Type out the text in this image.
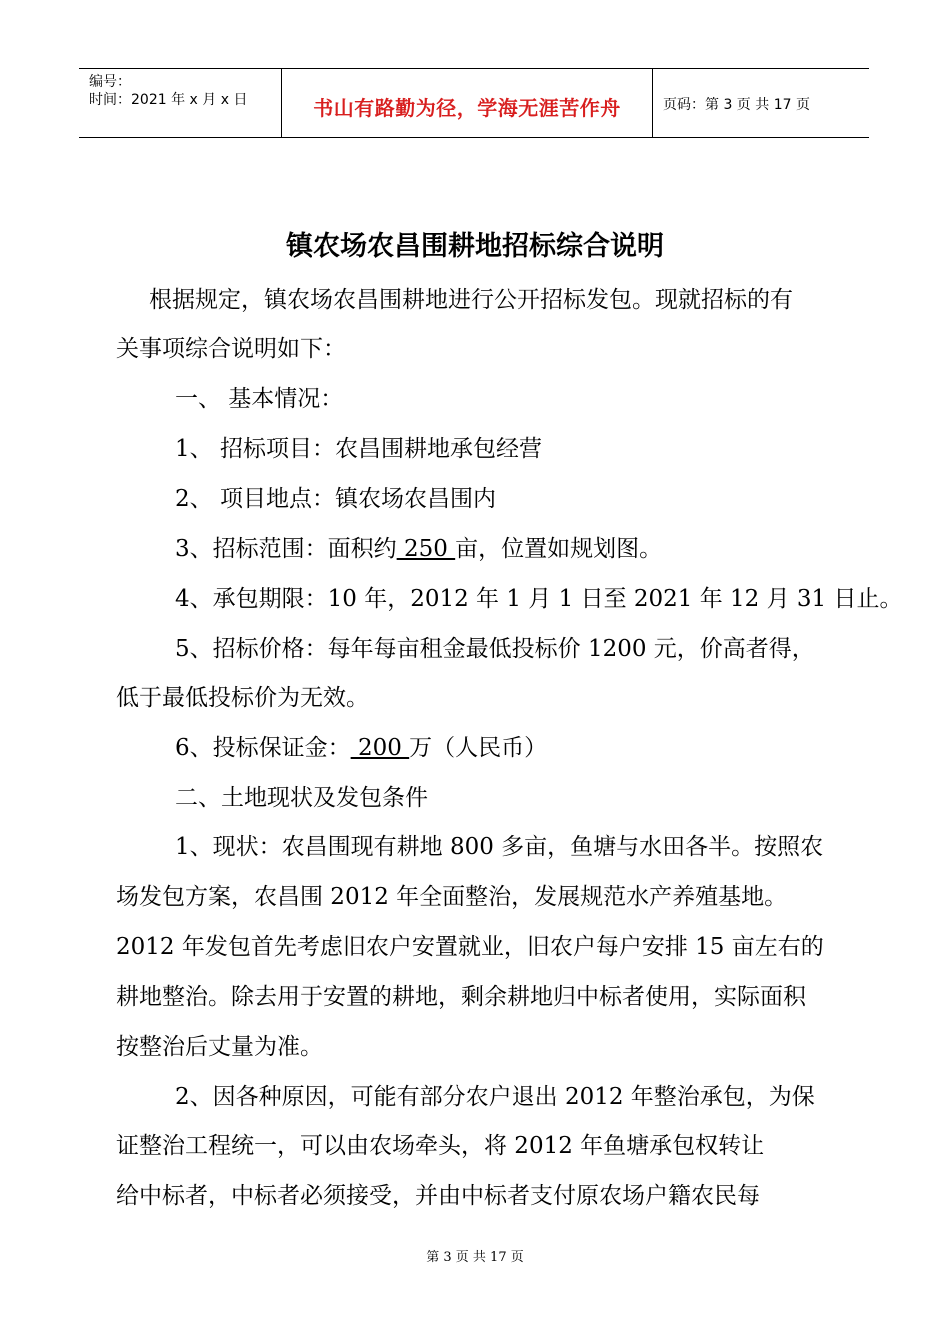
编号：
时间：2021 年 x 月 x 日	书山有路勤为径，学海无涯苦作舟	页码：第 3 页 共 17 页
镇农场农昌围耕地招标综合说明
根据规定，镇农场农昌围耕地进行公开招标发包。现就招标的有
关事项综合说明如下：
一、 基本情况：
1、 招标项目：农昌围耕地承包经营
2、 项目地点：镇农场农昌围内
3、招标范围：面积约 250 亩，位置如规划图。
4、承包期限：10 年，2012 年 1 月 1 日至 2021 年 12 月 31 日止。
5、招标价格：每年每亩租金最低投标价 1200 元，价高者得，
低于最低投标价为无效。
6、投标保证金： 200 万（人民币）
二、土地现状及发包条件
1、现状：农昌围现有耕地 800 多亩，鱼塘与水田各半。按照农
场发包方案，农昌围 2012 年全面整治，发展规范水产养殖基地。
2012 年发包首先考虑旧农户安置就业，旧农户每户安排 15 亩左右的
耕地整治。除去用于安置的耕地，剩余耕地归中标者使用，实际面积
按整治后丈量为准。
2、因各种原因，可能有部分农户退出 2012 年整治承包，为保
证整治工程统一，可以由农场牵头，将 2012 年鱼塘承包权转让
给中标者，中标者必须接受，并由中标者支付原农场户籍农民每
第 3 页 共 17 页
